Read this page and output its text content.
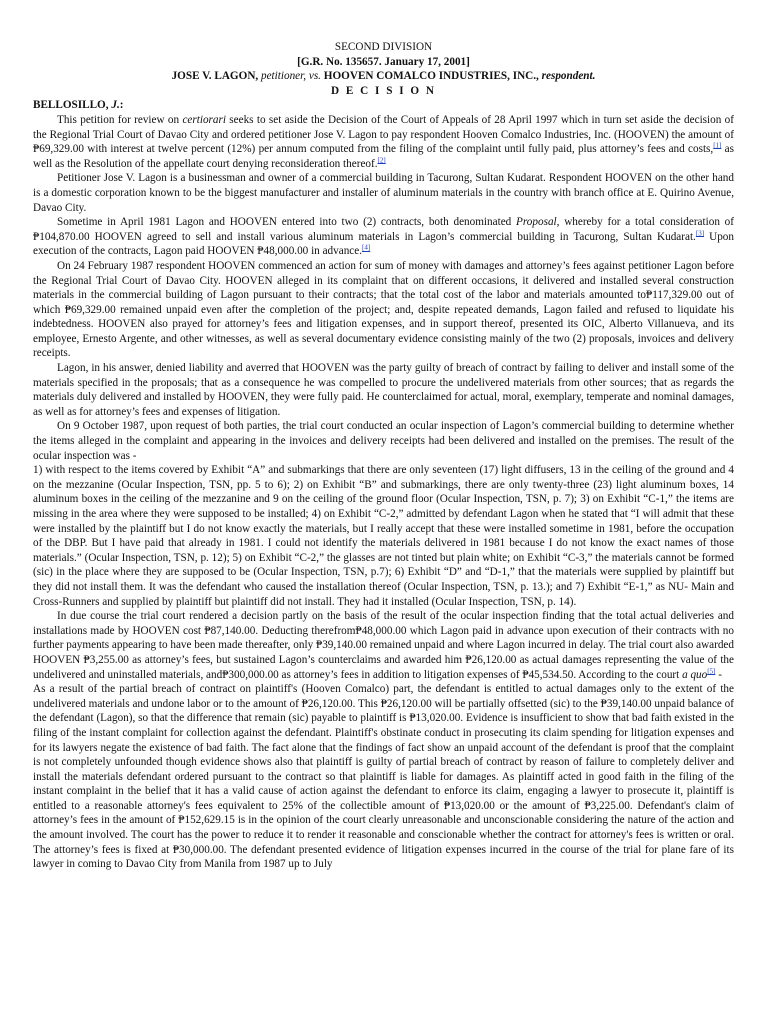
SECOND DIVISION
[G.R. No. 135657. January 17, 2001]
JOSE V. LAGON, petitioner, vs. HOOVEN COMALCO INDUSTRIES, INC., respondent.
D E C I S I O N
BELLOSILLO, J.:

This petition for review on certiorari seeks to set aside the Decision of the Court of Appeals of 28 April 1997 which in turn set aside the decision of the Regional Trial Court of Davao City and ordered petitioner Jose V. Lagon to pay respondent Hooven Comalco Industries, Inc. (HOOVEN) the amount of ₱69,329.00 with interest at twelve percent (12%) per annum computed from the filing of the complaint until fully paid, plus attorney’s fees and costs,[1] as well as the Resolution of the appellate court denying reconsideration thereof.[2]

Petitioner Jose V. Lagon is a businessman and owner of a commercial building in Tacurong, Sultan Kudarat. Respondent HOOVEN on the other hand is a domestic corporation known to be the biggest manufacturer and installer of aluminum materials in the country with branch office at E. Quirino Avenue, Davao City.

Sometime in April 1981 Lagon and HOOVEN entered into two (2) contracts, both denominated Proposal, whereby for a total consideration of ₱104,870.00 HOOVEN agreed to sell and install various aluminum materials in Lagon’s commercial building in Tacurong, Sultan Kudarat.[3] Upon execution of the contracts, Lagon paid HOOVEN ₱48,000.00 in advance.[4]

On 24 February 1987 respondent HOOVEN commenced an action for sum of money with damages and attorney’s fees against petitioner Lagon before the Regional Trial Court of Davao City. HOOVEN alleged in its complaint that on different occasions, it delivered and installed several construction materials in the commercial building of Lagon pursuant to their contracts; that the total cost of the labor and materials amounted to₱117,329.00 out of which ₱69,329.00 remained unpaid even after the completion of the project; and, despite repeated demands, Lagon failed and refused to liquidate his indebtedness. HOOVEN also prayed for attorney’s fees and litigation expenses, and in support thereof, presented its OIC, Alberto Villanueva, and its employee, Ernesto Argente, and other witnesses, as well as several documentary evidence consisting mainly of the two (2) proposals, invoices and delivery receipts.

Lagon, in his answer, denied liability and averred that HOOVEN was the party guilty of breach of contract by failing to deliver and install some of the materials specified in the proposals; that as a consequence he was compelled to procure the undelivered materials from other sources; that as regards the materials duly delivered and installed by HOOVEN, they were fully paid. He counterclaimed for actual, moral, exemplary, temperate and nominal damages, as well as for attorney’s fees and expenses of litigation.

On 9 October 1987, upon request of both parties, the trial court conducted an ocular inspection of Lagon’s commercial building to determine whether the items alleged in the complaint and appearing in the invoices and delivery receipts had been delivered and installed on the premises. The result of the ocular inspection was -

1) with respect to the items covered by Exhibit “A” and submarkings that there are only seventeen (17) light diffusers, 13 in the ceiling of the ground and 4 on the mezzanine (Ocular Inspection, TSN, pp. 5 to 6); 2) on Exhibit “B” and submarkings, there are only twenty-three (23) light aluminum boxes, 14 aluminum boxes in the ceiling of the mezzanine and 9 on the ceiling of the ground floor (Ocular Inspection, TSN, p. 7); 3) on Exhibit “C-1,” the items are missing in the area where they were supposed to be installed; 4) on Exhibit “C-2,” admitted by defendant Lagon when he stated that “I will admit that these were installed by the plaintiff but I do not know exactly the materials, but I really accept that these were installed sometime in 1981, before the occupation of the DBP. But I have paid that already in 1981. I could not identify the materials delivered in 1981 because I do not know the exact names of those materials.” (Ocular Inspection, TSN, p. 12); 5) on Exhibit “C-2,” the glasses are not tinted but plain white; on Exhibit “C-3,” the materials cannot be formed (sic) in the place where they are supposed to be (Ocular Inspection, TSN, p.7); 6) Exhibit “D” and “D-1,” that the materials were supplied by plaintiff but they did not install them. It was the defendant who caused the installation thereof (Ocular Inspection, TSN, p. 13.); and 7) Exhibit “E-1,” as NU- Main and Cross-Runners and supplied by plaintiff but plaintiff did not install. They had it installed (Ocular Inspection, TSN, p. 14).

In due course the trial court rendered a decision partly on the basis of the result of the ocular inspection finding that the total actual deliveries and installations made by HOOVEN cost ₱87,140.00. Deducting therefrom₱48,000.00 which Lagon paid in advance upon execution of their contracts with no further payments appearing to have been made thereafter, only ₱39,140.00 remained unpaid and where Lagon incurred in delay. The trial court also awarded HOOVEN ₱3,255.00 as attorney’s fees, but sustained Lagon’s counterclaims and awarded him ₱26,120.00 as actual damages representing the value of the undelivered and uninstalled materials, and₱300,000.00 as attorney’s fees in addition to litigation expenses of ₱45,534.50. According to the court a quo[5] -

As a result of the partial breach of contract on plaintiff's (Hooven Comalco) part, the defendant is entitled to actual damages only to the extent of the undelivered materials and undone labor or to the amount of ₱26,120.00. This ₱26,120.00 will be partially offsetted (sic) to the ₱39,140.00 unpaid balance of the defendant (Lagon), so that the difference that remain (sic) payable to plaintiff is ₱13,020.00. Evidence is insufficient to show that bad faith existed in the filing of the instant complaint for collection against the defendant. Plaintiff's obstinate conduct in prosecuting its claim spending for litigation expenses and for its lawyers negate the existence of bad faith. The fact alone that the findings of fact show an unpaid account of the defendant is proof that the complaint is not completely unfounded though evidence shows also that plaintiff is guilty of partial breach of contract by reason of failure to completely deliver and install the materials defendant ordered pursuant to the contract so that plaintiff is liable for damages. As plaintiff acted in good faith in the filing of the instant complaint in the belief that it has a valid cause of action against the defendant to enforce its claim, engaging a lawyer to prosecute it, plaintiff is entitled to a reasonable attorney's fees equivalent to 25% of the collectible amount of ₱13,020.00 or the amount of ₱3,225.00. Defendant's claim of attorney’s fees in the amount of ₱152,629.15 is in the opinion of the court clearly unreasonable and unconscionable considering the nature of the action and the amount involved. The court has the power to reduce it to render it reasonable and conscionable whether the contract for attorney's fees is written or oral. The attorney’s fees is fixed at ₱30,000.00. The defendant presented evidence of litigation expenses incurred in the course of the trial for plane fare of its lawyer in coming to Davao City from Manila from 1987 up to July
